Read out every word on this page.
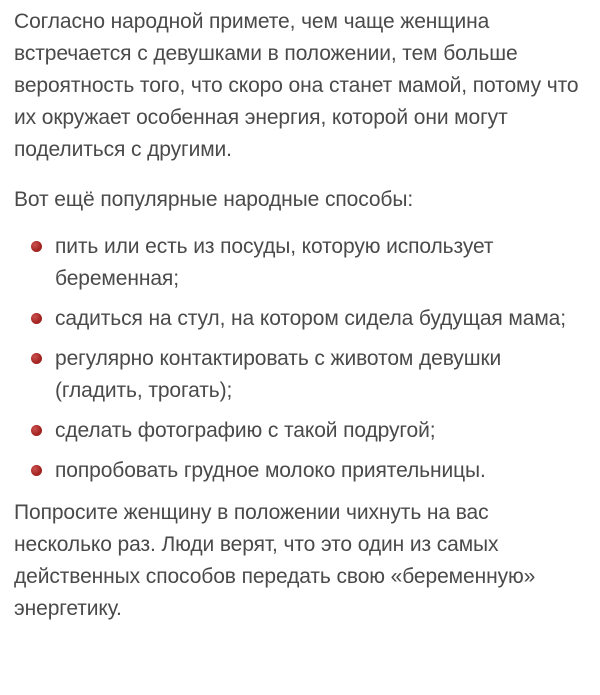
Согласно народной примете, чем чаще женщина встречается с девушками в положении, тем больше вероятность того, что скоро она станет мамой, потому что их окружает особенная энергия, которой они могут поделиться с другими.

Вот ещё популярные народные способы:

пить или есть из посуды, которую использует беременная;
садиться на стул, на котором сидела будущая мама;
регулярно контактировать с животом девушки (гладить, трогать);
сделать фотографию с такой подругой;
попробовать грудное молоко приятельницы.

Попросите женщину в положении чихнуть на вас несколько раз. Люди верят, что это один из самых действенных способов передать свою «беременную» энергетику.
